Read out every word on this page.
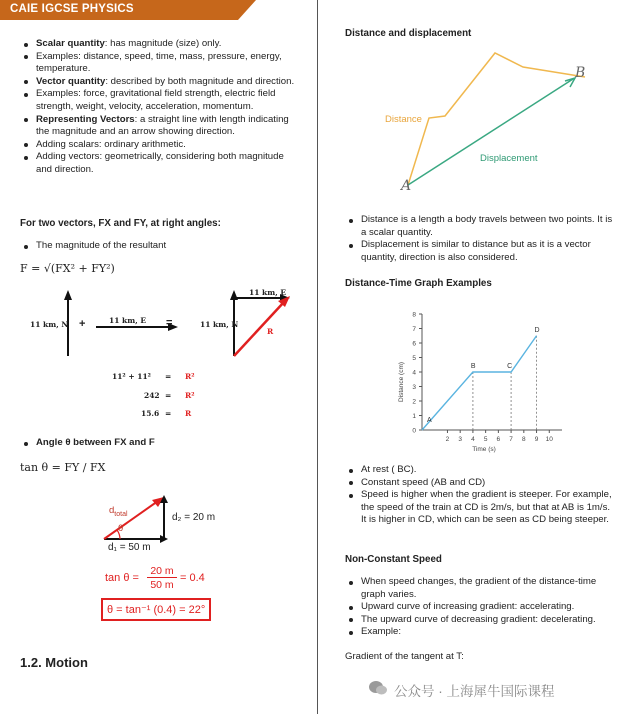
CAIE IGCSE PHYSICS
Scalar quantity: has magnitude (size) only.
Examples: distance, speed, time, mass, pressure, energy, temperature.
Vector quantity: described by both magnitude and direction.
Examples: force, gravitational field strength, electric field strength, weight, velocity, acceleration, momentum.
Representing Vectors: a straight line with length indicating the magnitude and an arrow showing direction.
Adding scalars: ordinary arithmetic.
Adding vectors: geometrically, considering both magnitude and direction.
For two vectors, FX and FY, at right angles:
The magnitude of the resultant
F = √(FX² + FY²)
11 km, N +	11 km, E =	11 km, N
11 km, E
R
11² + 11²	= R²
242 = R²
15.6 = R
Angle θ between FX and F
tan θ = FY / FX
$d_{total}$
θ
d₂ = 20 m
d₁ = 50 m
tan θ =
20 m
50 m
= 0.4
θ = tan⁻¹ (0.4) = 22°
1.2. Motion
Distance and displacement
A
B
Distance
Displacement
Distance is a length a body travels between two points. It is a scalar quantity.
Displacement is similar to distance but as it is a vector quantity, direction is also considered.
Distance-Time Graph Examples
0
1
2
3
4
5
6
7
8
2 3 4 5 6 7 8 9 10
Time (s)
Distance (cm)
A
B	C
D
At rest ( BC).
Constant speed (AB and CD)
Speed is higher when the gradient is steeper. For example, the speed of the train at CD is 2m/s, but that at AB is 1m/s. It is higher in CD, which can be seen as CD being steeper.
Non-Constant Speed
When speed changes, the gradient of the distance-time graph varies.
Upward curve of increasing gradient: accelerating.
The upward curve of decreasing gradient: decelerating.
Example:
Gradient of the tangent at T:
公众号 · 上海犀牛国际课程
